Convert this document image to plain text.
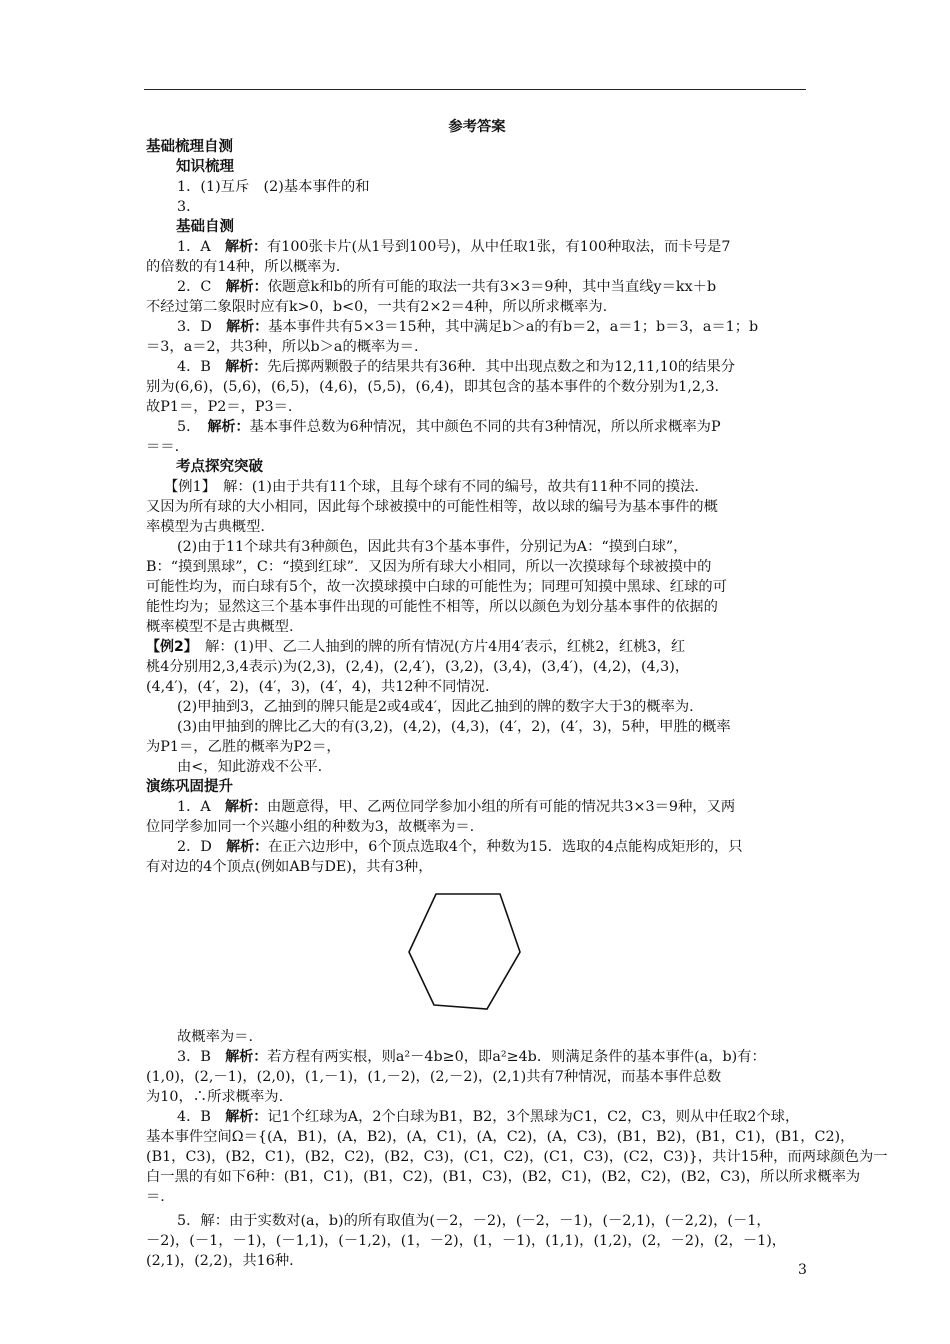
参考答案
基础梳理自测
知识梳理
1．(1)互斥　(2)基本事件的和
3．
基础自测
1．A　解析：有100张卡片(从1号到100号)，从中任取1张，有100种取法，而卡号是7
的倍数的有14种，所以概率为.
2．C　解析：依题意k和b的所有可能的取法一共有3×3＝9种，其中当直线y＝kx＋b
不经过第二象限时应有k>0，b<0，一共有2×2＝4种，所以所求概率为.
3．D　解析：基本事件共有5×3＝15种，其中满足b＞a的有b＝2，a＝1；b＝3，a＝1；b
＝3，a＝2，共3种，所以b＞a的概率为＝.
4．B　解析：先后掷两颗骰子的结果共有36种．其中出现点数之和为12,11,10的结果分
别为(6,6)，(5,6)，(6,5)，(4,6)，(5,5)，(6,4)，即其包含的基本事件的个数分别为1,2,3.
故P1＝，P2＝，P3＝.
5．　解析：基本事件总数为6种情况，其中颜色不同的共有3种情况，所以所求概率为P
＝＝.
考点探究突破
【例1】　解：(1)由于共有11个球，且每个球有不同的编号，故共有11种不同的摸法.
又因为所有球的大小相同，因此每个球被摸中的可能性相等，故以球的编号为基本事件的概
率模型为古典概型.
(2)由于11个球共有3种颜色，因此共有3个基本事件，分别记为A：“摸到白球”，
B：“摸到黑球”，C：“摸到红球”．又因为所有球大小相同，所以一次摸球每个球被摸中的
可能性均为，而白球有5个，故一次摸球摸中白球的可能性为；同理可知摸中黑球、红球的可
能性均为；显然这三个基本事件出现的可能性不相等，所以以颜色为划分基本事件的依据的
概率模型不是古典概型.
【例2】　解：(1)甲、乙二人抽到的牌的所有情况(方片4用4′表示，红桃2，红桃3，红
桃4分别用2,3,4表示)为(2,3)，(2,4)，(2,4′)，(3,2)，(3,4)，(3,4′)，(4,2)，(4,3)，
(4,4′)，(4′，2)，(4′，3)，(4′，4)，共12种不同情况.
(2)甲抽到3，乙抽到的牌只能是2或4或4′，因此乙抽到的牌的数字大于3的概率为.
(3)由甲抽到的牌比乙大的有(3,2)，(4,2)，(4,3)，(4′，2)，(4′，3)，5种，甲胜的概率
为P1＝，乙胜的概率为P2＝，
由<，知此游戏不公平.
演练巩固提升
1．A　解析：由题意得，甲、乙两位同学参加小组的所有可能的情况共3×3＝9种，又两
位同学参加同一个兴趣小组的种数为3，故概率为＝.
2．D　解析：在正六边形中，6个顶点选取4个，种数为15．选取的4点能构成矩形的，只
有对边的4个顶点(例如AB与DE)，共有3种，
故概率为＝.
3．B　解析：若方程有两实根，则a²－4b≥0，即a²≥4b．则满足条件的基本事件(a，b)有：
(1,0)，(2,－1)，(2,0)，(1,－1)，(1,－2)，(2,－2)，(2,1)共有7种情况，而基本事件总数
为10，∴所求概率为.
4．B　解析：记1个红球为A，2个白球为B1，B2，3个黑球为C1，C2，C3，则从中任取2个球，
基本事件空间Ω＝{(A，B1)，(A，B2)，(A，C1)，(A，C2)，(A，C3)，(B1，B2)，(B1，C1)，(B1，C2)，
(B1，C3)，(B2，C1)，(B2，C2)，(B2，C3)，(C1，C2)，(C1，C3)，(C2，C3)}，共计15种，而两球颜色为一
白一黑的有如下6种：(B1，C1)，(B1，C2)，(B1，C3)，(B2，C1)，(B2，C2)，(B2，C3)，所以所求概率为
＝.
5．解：由于实数对(a，b)的所有取值为(－2，－2)，(－2，－1)，(－2,1)，(－2,2)，(－1，
－2)，(－1，－1)，(－1,1)，(－1,2)，(1，－2)，(1，－1)，(1,1)，(1,2)，(2，－2)，(2，－1)，
(2,1)，(2,2)，共16种.
3
